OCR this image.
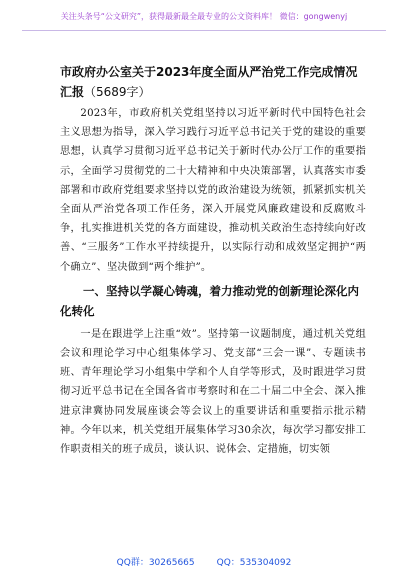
关注头条号“公文研究”，获得最新最全最专业的公文资料库！ 微信：gongwenyj
市政府办公室关于2023年度全面从严治党工作完成情况汇报（5689字）

2023年，市政府机关党组坚持以习近平新时代中国特色社会主义思想为指导，深入学习践行习近平总书记关于党的建设的重要思想，认真学习贯彻习近平总书记关于新时代办公厅工作的重要指示，全面学习贯彻党的二十大精神和中央决策部署，认真落实市委部署和市政府党组要求坚持以党的政治建设为统领，抓紧抓实机关全面从严治党各项工作任务，深入开展党风廉政建设和反腐败斗争，扎实推进机关党的各方面建设，推动机关政治生态持续向好改善、“三服务”工作水平持续提升，以实际行动和成效坚定拥护“两个确立”、坚决做到“两个维护”。

一、坚持以学凝心铸魂，着力推动党的创新理论深化内化转化

一是在跟进学上注重“效”。坚持第一议题制度，通过机关党组会议和理论学习中心组集体学习、党支部“三会一课”、专题读书班、青年理论学习小组集中学和个人自学等形式，及时跟进学习贯彻习近平总书记在全国各省市考察时和在二十届二中全会、深入推进京津冀协同发展座谈会等会议上的重要讲话和重要指示批示精神。今年以来，机关党组开展集体学习30余次，每次学习都安排工作职责相关的班子成员，谈认识、说体会、定措施，切实领

QQ群：30265665 QQ：535304092
